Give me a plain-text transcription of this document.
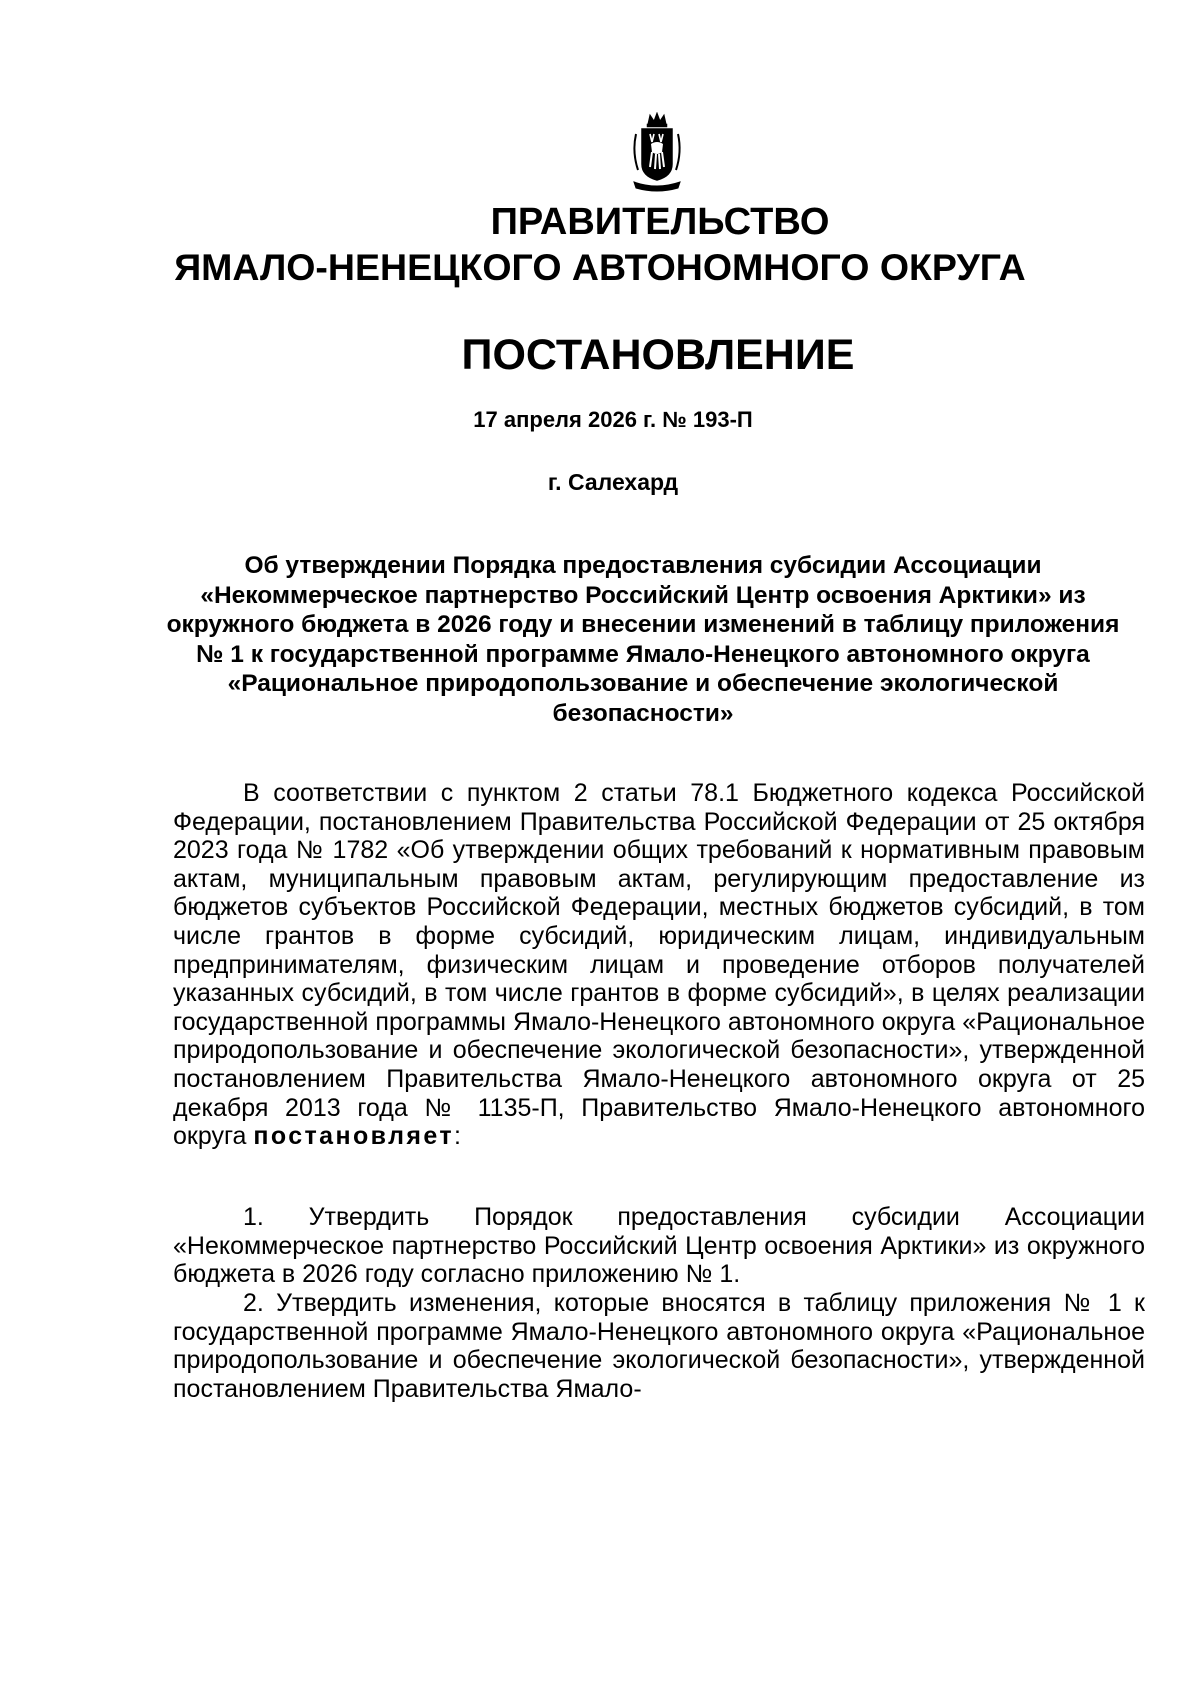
ПРАВИТЕЛЬСТВО
ЯМАЛО-НЕНЕЦКОГО АВТОНОМНОГО ОКРУГА
ПОСТАНОВЛЕНИЕ
17 апреля 2026 г. № 193-П
г. Салехард
Об утверждении Порядка предоставления субсидии Ассоциации «Некоммерческое партнерство Российский Центр освоения Арктики» из окружного бюджета в 2026 году и внесении изменений в таблицу приложения № 1 к государственной программе Ямало-Ненецкого автономного округа «Рациональное природопользование и обеспечение экологической безопасности»

В соответствии с пунктом 2 статьи 78.1 Бюджетного кодекса Российской Федерации, постановлением Правительства Российской Федерации от 25 октября 2023 года № 1782 «Об утверждении общих требований к нормативным правовым актам, муниципальным правовым актам, регулирующим предоставление из бюджетов субъектов Российской Федерации, местных бюджетов субсидий, в том числе грантов в форме субсидий, юридическим лицам, индивидуальным предпринимателям, физическим лицам и проведение отборов получателей указанных субсидий, в том числе грантов в форме субсидий», в целях реализации государственной программы Ямало-Ненецкого автономного округа «Рациональное природопользование и обеспечение экологической безопасности», утвержденной постановлением Правительства Ямало-Ненецкого автономного округа от 25 декабря 2013 года № 1135-П, Правительство Ямало-Ненецкого автономного округа постановляет:

1. Утвердить Порядок предоставления субсидии Ассоциации «Некоммерческое партнерство Российский Центр освоения Арктики» из окружного бюджета в 2026 году согласно приложению № 1.

2. Утвердить изменения, которые вносятся в таблицу приложения № 1 к государственной программе Ямало-Ненецкого автономного округа «Рациональное природопользование и обеспечение экологической безопасности», утвержденной постановлением Правительства Ямало-
